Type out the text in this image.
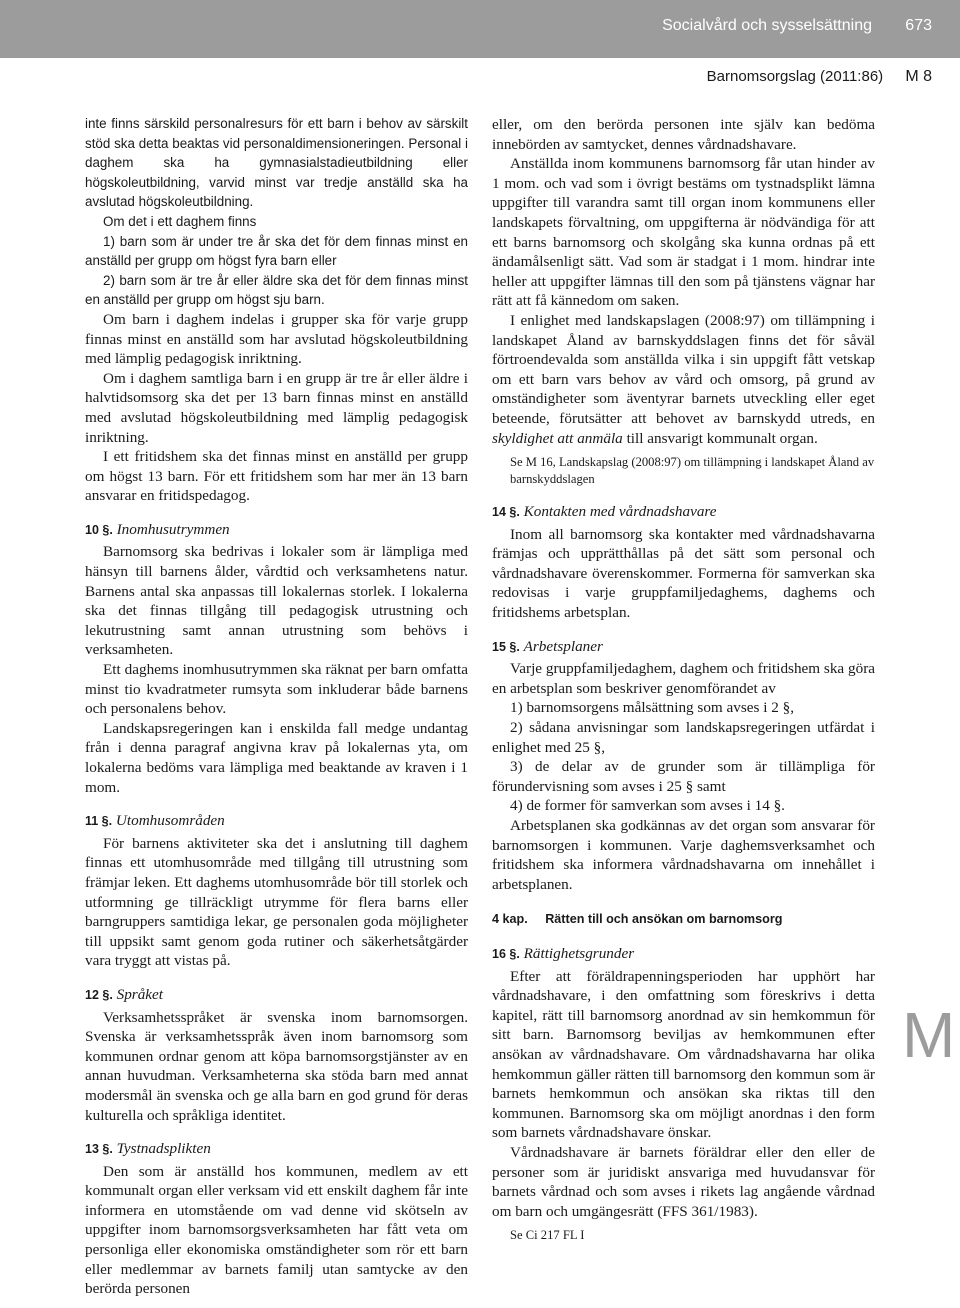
Socialvård och sysselsättning 673
Barnomsorgslag (2011:86) M 8

inte finns särskild personalresurs för ett barn i behov av särskilt stöd ska detta beaktas vid personaldimensioneringen. Personal i daghem ska ha gymnasialstadieutbildning eller högskoleutbildning, varvid minst var tredje anställd ska ha avslutad högskoleutbildning.

Om det i ett daghem finns

1) barn som är under tre år ska det för dem finnas minst en anställd per grupp om högst fyra barn eller

2) barn som är tre år eller äldre ska det för dem finnas minst en anställd per grupp om högst sju barn.

Om barn i daghem indelas i grupper ska för varje grupp finnas minst en anställd som har avslutad högskoleutbildning med lämplig pedagogisk inriktning.

Om i daghem samtliga barn i en grupp är tre år eller äldre i halvtidsomsorg ska det per 13 barn finnas minst en anställd med avslutad högskoleutbildning med lämplig pedagogisk inriktning.

I ett fritidshem ska det finnas minst en anställd per grupp om högst 13 barn. För ett fritidshem som har mer än 13 barn ansvarar en fritidspedagog.

10 §. Inomhusutrymmen

Barnomsorg ska bedrivas i lokaler som är lämpliga med hänsyn till barnens ålder, vårdtid och verksamhetens natur. Barnens antal ska anpassas till lokalernas storlek. I lokalerna ska det finnas tillgång till pedagogisk utrustning och lekutrustning samt annan utrustning som behövs i verksamheten.

Ett daghems inomhusutrymmen ska räknat per barn omfatta minst tio kvadratmeter rumsyta som inkluderar både barnens och personalens behov.

Landskapsregeringen kan i enskilda fall medge undantag från i denna paragraf angivna krav på lokalernas yta, om lokalerna bedöms vara lämpliga med beaktande av kraven i 1 mom.

11 §. Utomhusområden

För barnens aktiviteter ska det i anslutning till daghem finnas ett utomhusområde med tillgång till utrustning som främjar leken. Ett daghems utomhusområde bör till storlek och utformning ge tillräckligt utrymme för flera barns eller barngruppers samtidiga lekar, ge personalen goda möjligheter till uppsikt samt genom goda rutiner och säkerhetsåtgärder vara tryggt att vistas på.

12 §. Språket

Verksamhetsspråket är svenska inom barnomsorgen. Svenska är verksamhetsspråk även inom barnomsorg som kommunen ordnar genom att köpa barnomsorgstjänster av en annan huvudman. Verksamheterna ska stöda barn med annat modersmål än svenska och ge alla barn en god grund för deras kulturella och språkliga identitet.

13 §. Tystnadsplikten

Den som är anställd hos kommunen, medlem av ett kommunalt organ eller verksam vid ett enskilt daghem får inte informera en utomstående om vad denne vid skötseln av uppgifter inom barnomsorgsverksamheten har fått veta om personliga eller ekonomiska omständigheter som rör ett barn eller medlemmar av barnets familj utan samtycke av den berörda personen

eller, om den berörda personen inte själv kan bedöma innebörden av samtycket, dennes vårdnadshavare.

Anställda inom kommunens barnomsorg får utan hinder av 1 mom. och vad som i övrigt bestäms om tystnadsplikt lämna uppgifter till varandra samt till organ inom kommunens eller landskapets förvaltning, om uppgifterna är nödvändiga för att ett barns barnomsorg och skolgång ska kunna ordnas på ett ändamålsenligt sätt. Vad som är stadgat i 1 mom. hindrar inte heller att uppgifter lämnas till den som på tjänstens vägnar har rätt att få kännedom om saken.

I enlighet med landskapslagen (2008:97) om tillämpning i landskapet Åland av barnskyddslagen finns det för såväl förtroendevalda som anställda vilka i sin uppgift fått vetskap om ett barn vars behov av vård och omsorg, på grund av omständigheter som äventyrar barnets utveckling eller eget beteende, förutsätter att behovet av barnskydd utreds, en skyldighet att anmäla till ansvarigt kommunalt organ.

Se M 16, Landskapslag (2008:97) om tillämpning i landskapet Åland av barnskyddslagen

14 §. Kontakten med vårdnadshavare

Inom all barnomsorg ska kontakter med vårdnadshavarna främjas och upprätthållas på det sätt som personal och vårdnadshavare överenskommer. Formerna för samverkan ska redovisas i varje gruppfamiljedaghems, daghems och fritidshems arbetsplan.

15 §. Arbetsplaner

Varje gruppfamiljedaghem, daghem och fritidshem ska göra en arbetsplan som beskriver genomförandet av

1) barnomsorgens målsättning som avses i 2 §,

2) sådana anvisningar som landskapsregeringen utfärdat i enlighet med 25 §,

3) de delar av de grunder som är tillämpliga för förundervisning som avses i 25 § samt

4) de former för samverkan som avses i 14 §.

Arbetsplanen ska godkännas av det organ som ansvarar för barnomsorgen i kommunen. Varje daghemsverksamhet och fritidshem ska informera vårdnadshavarna om innehållet i arbetsplanen.

4 kap. Rätten till och ansökan om barnomsorg
16 §. Rättighetsgrunder

Efter att föräldrapenningsperioden har upphört har vårdnadshavare, i den omfattning som föreskrivs i detta kapitel, rätt till barnomsorg anordnad av sin hemkommun för sitt barn. Barnomsorg beviljas av hemkommunen efter ansökan av vårdnadshavare. Om vårdnadshavarna har olika hemkommun gäller rätten till barnomsorg den kommun som är barnets hemkommun och ansökan ska riktas till den kommunen. Barnomsorg ska om möjligt anordnas i den form som barnets vårdnadshavare önskar.

Vårdnadshavare är barnets föräldrar eller den eller de personer som är juridiskt ansvariga med huvudansvar för barnets vårdnad och som avses i rikets lag angående vårdnad om barn och umgängesrätt (FFS 361/1983).

Se Ci 217 FL I

M
